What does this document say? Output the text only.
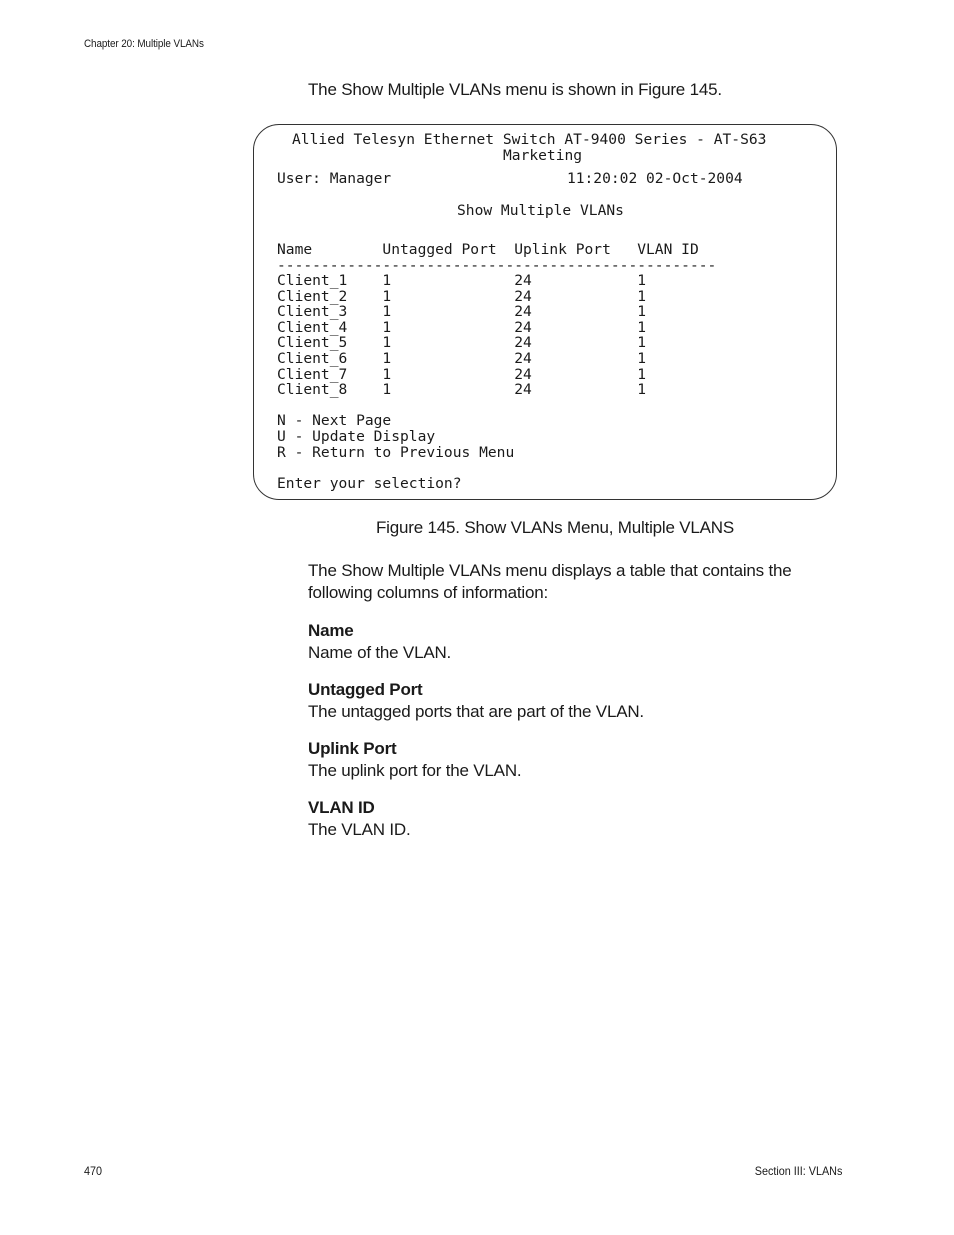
Chapter 20: Multiple VLANs
The Show Multiple VLANs menu is shown in Figure 145.
Allied Telesyn Ethernet Switch AT-9400 Series - AT-S63
Marketing
User: Manager                    11:20:02 02-Oct-2004
Show Multiple VLANs
Name        Untagged Port  Uplink Port   VLAN ID
--------------------------------------------------
Client_1    1              24            1
Client_2    1              24            1
Client_3    1              24            1
Client_4    1              24            1
Client_5    1              24            1
Client_6    1              24            1
Client_7    1              24            1
Client_8    1              24            1
N - Next Page
U - Update Display
R - Return to Previous Menu
Enter your selection?
Figure 145. Show VLANs Menu, Multiple VLANS
The Show Multiple VLANs menu displays a table that contains the following columns of information:
Name
Name of the VLAN.
Untagged Port
The untagged ports that are part of the VLAN.
Uplink Port
The uplink port for the VLAN.
VLAN ID
The VLAN ID.
470	Section III: VLANs
